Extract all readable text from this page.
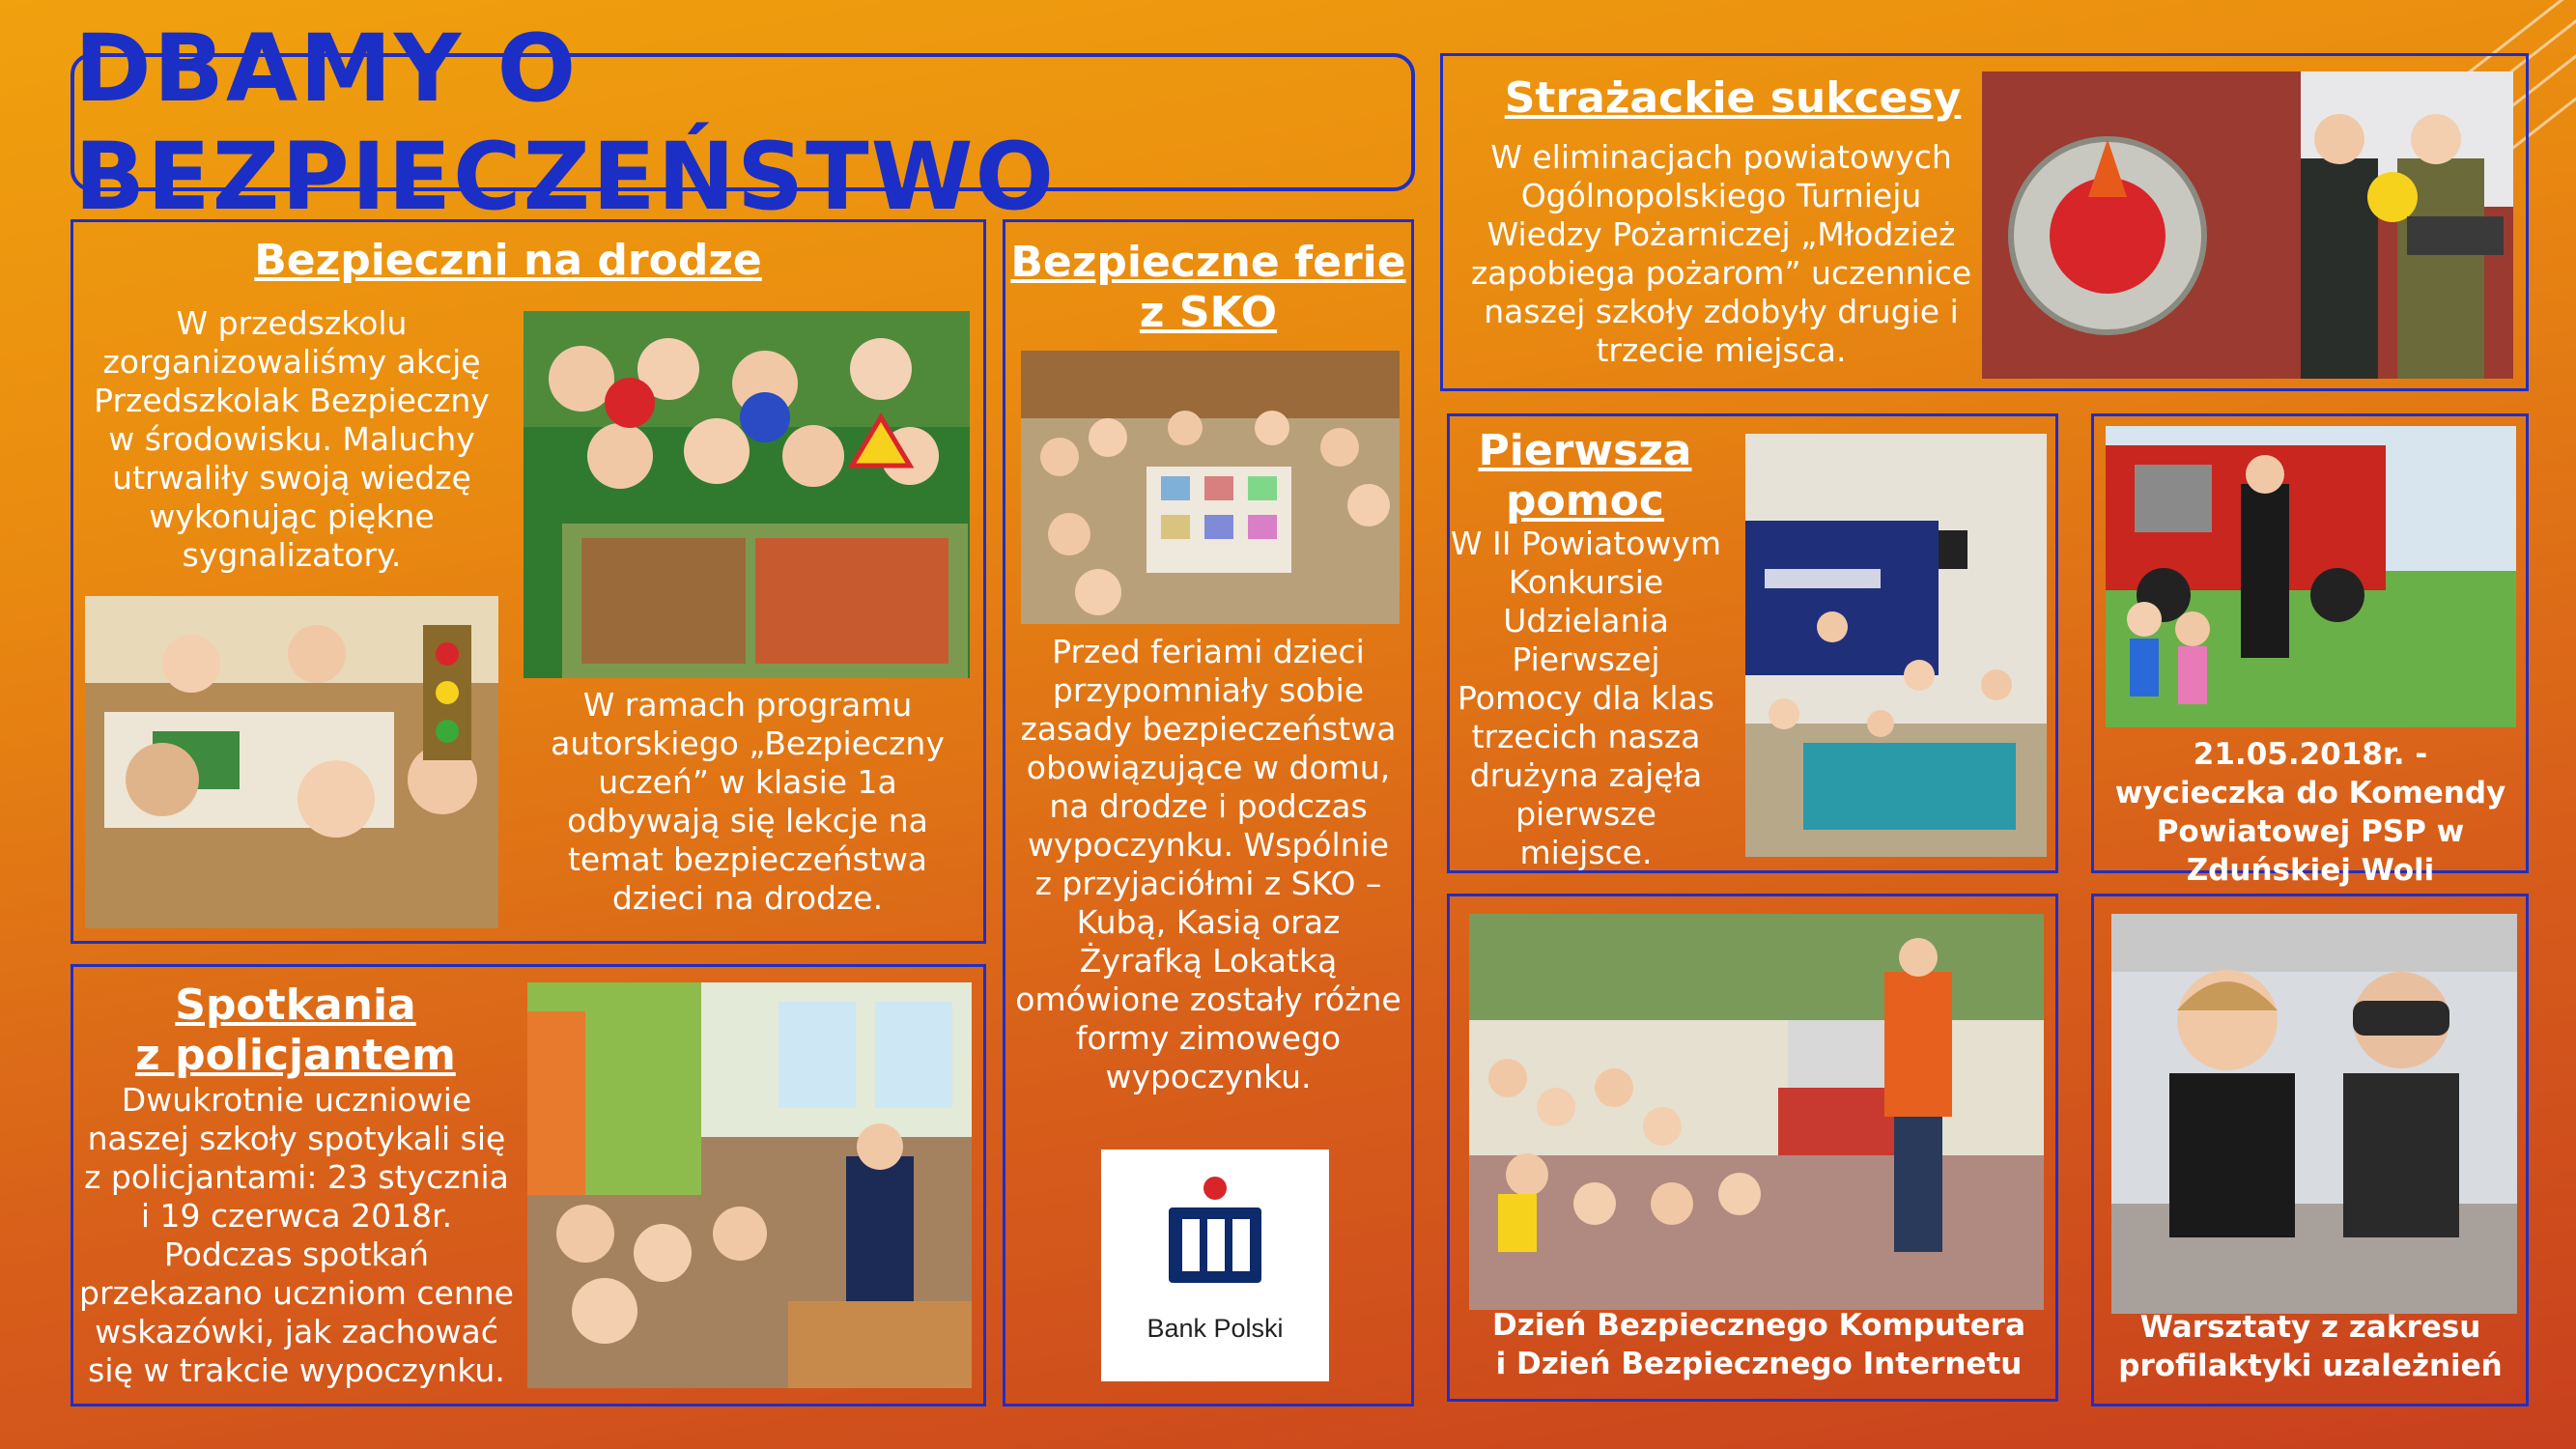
DBAMY O BEZPIECZEŃSTWO
Bezpieczni na drodze
W przedszkolu zorganizowaliśmy akcję Przedszkolak Bezpieczny w środowisku. Maluchy utrwaliły swoją wiedzę wykonując piękne sygnalizatory.
W ramach programu autorskiego „Bezpieczny uczeń” w klasie 1a odbywają się lekcje na temat bezpieczeństwa dzieci na drodze.
Spotkania
z policjantem
Dwukrotnie uczniowie naszej szkoły spotykali się z policjantami: 23 stycznia i 19 czerwca 2018r. Podczas spotkań przekazano uczniom cenne wskazówki, jak zachować się w trakcie wypoczynku.
Bezpieczne ferie
z SKO
Przed feriami dzieci przypomniały sobie zasady bezpieczeństwa obowiązujące w domu, na drodze i podczas wypoczynku. Wspólnie z przyjaciółmi z SKO – Kubą, Kasią oraz Żyrafką Lokatką omówione zostały różne formy zimowego wypoczynku.
Bank Polski
Strażackie sukcesy
W eliminacjach powiatowych Ogólnopolskiego Turnieju Wiedzy Pożarniczej „Młodzież zapobiega pożarom” uczennice naszej szkoły zdobyły drugie i trzecie miejsca.
Pierwsza
pomoc
W II Powiatowym Konkursie Udzielania Pierwszej Pomocy dla klas trzecich nasza drużyna zajęła pierwsze miejsce.
21.05.2018r. - wycieczka do Komendy Powiatowej PSP w Zduńskiej Woli
Dzień Bezpiecznego Komputera i Dzień Bezpiecznego Internetu
Warsztaty z zakresu profilaktyki uzależnień
